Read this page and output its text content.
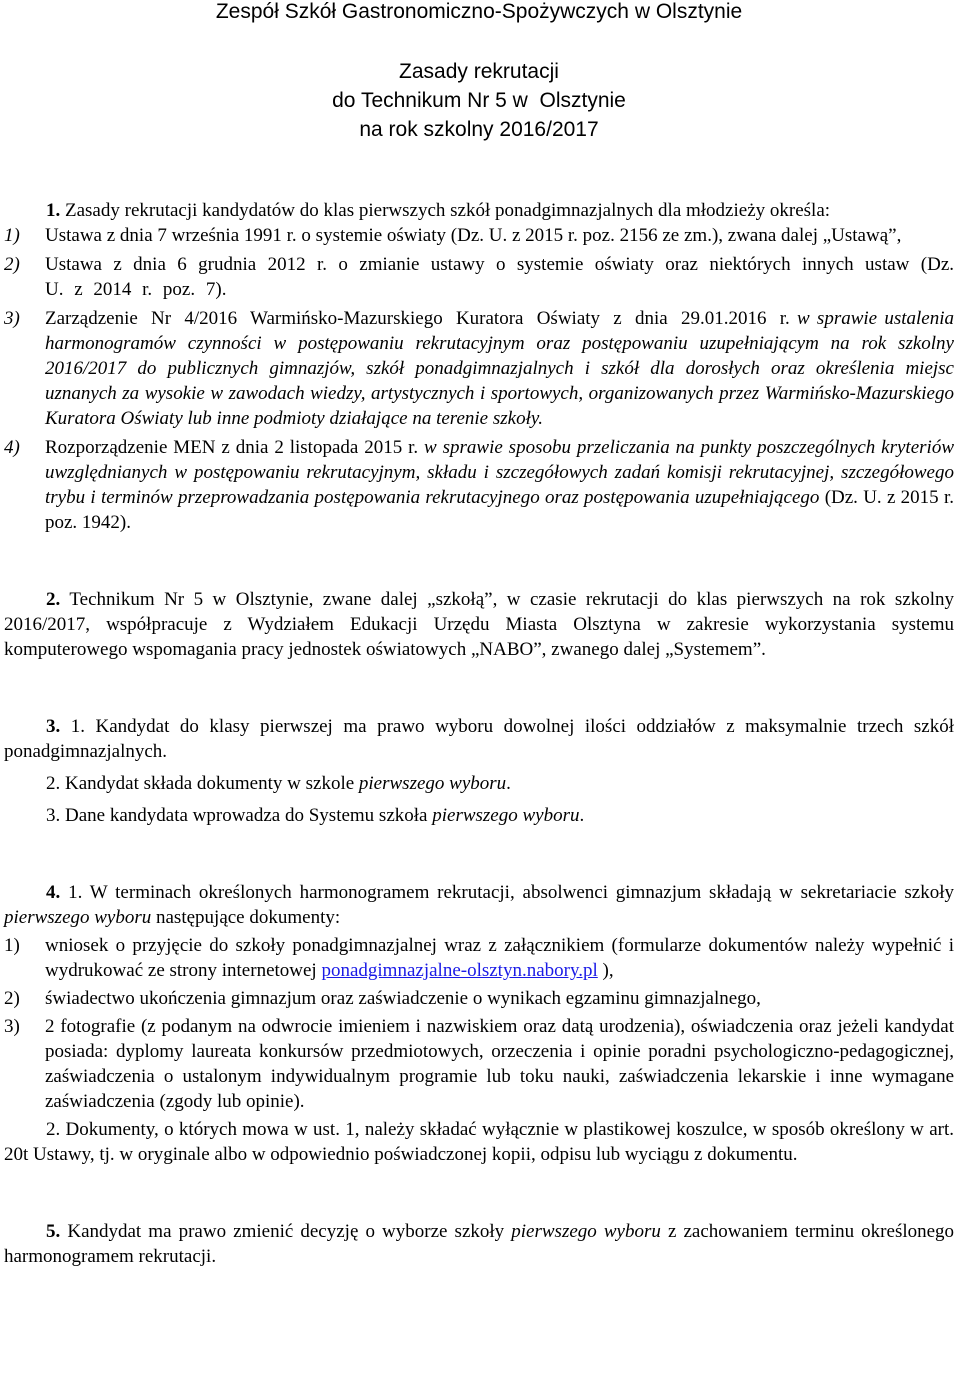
Zespół Szkół Gastronomiczno-Spożywczych w Olsztynie
Zasady rekrutacji
do Technikum Nr 5 w  Olsztynie
na rok szkolny 2016/2017

1. Zasady rekrutacji kandydatów do klas pierwszych szkół ponadgimnazjalnych dla młodzieży określa:

1) Ustawa z dnia 7 września 1991 r. o systemie oświaty (Dz. U. z 2015 r. poz. 2156 ze zm.), zwana dalej „Ustawą”,
2) Ustawa z dnia 6 grudnia 2012 r. o zmianie ustawy o systemie oświaty oraz niektórych innych ustaw (Dz. U. z 2014 r. poz. 7).
3) Zarządzenie Nr 4/2016 Warmińsko-Mazurskiego Kuratora Oświaty z dnia 29.01.2016 r. w sprawie ustalenia harmonogramów czynności w postępowaniu rekrutacyjnym oraz postępowaniu uzupełniającym na rok szkolny 2016/2017 do publicznych gimnazjów, szkół ponadgimnazjalnych i szkół dla dorosłych oraz określenia miejsc uznanych za wysokie w zawodach wiedzy, artystycznych i sportowych, organizowanych przez Warmińsko-Mazurskiego Kuratora Oświaty lub inne podmioty działające na terenie szkoły.
4) Rozporządzenie MEN z dnia 2 listopada 2015 r. w sprawie sposobu przeliczania na punkty poszczególnych kryteriów uwzględnianych w postępowaniu rekrutacyjnym, składu i szczegółowych zadań komisji rekrutacyjnej, szczegółowego trybu i terminów przeprowadzania postępowania rekrutacyjnego oraz postępowania uzupełniającego (Dz. U. z 2015 r. poz. 1942).

2. Technikum Nr 5 w Olsztynie, zwane dalej „szkołą”, w czasie rekrutacji do klas pierwszych na rok szkolny 2016/2017, współpracuje z Wydziałem Edukacji Urzędu Miasta Olsztyna w zakresie wykorzystania systemu komputerowego wspomagania pracy jednostek oświatowych „NABO”, zwanego dalej „Systemem”.

3. 1. Kandydat do klasy pierwszej ma prawo wyboru dowolnej ilości oddziałów z maksymalnie trzech szkół ponadgimnazjalnych.

2. Kandydat składa dokumenty w szkole pierwszego wyboru.

3. Dane kandydata wprowadza do Systemu szkoła pierwszego wyboru.

4. 1. W terminach określonych harmonogramem rekrutacji, absolwenci gimnazjum składają w sekretariacie szkoły pierwszego wyboru następujące dokumenty:

1) wniosek o przyjęcie do szkoły ponadgimnazjalnej wraz z załącznikiem (formularze dokumentów należy wypełnić i wydrukować ze strony internetowej ponadgimnazjalne-olsztyn.nabory.pl ),
2) świadectwo ukończenia gimnazjum oraz zaświadczenie o wynikach egzaminu gimnazjalnego,
3) 2 fotografie (z podanym na odwrocie imieniem i nazwiskiem oraz datą urodzenia), oświadczenia oraz jeżeli kandydat posiada: dyplomy laureata konkursów przedmiotowych, orzeczenia i opinie poradni psychologiczno-pedagogicznej, zaświadczenia o ustalonym indywidualnym programie lub toku nauki, zaświadczenia lekarskie i inne wymagane zaświadczenia (zgody lub opinie).

2. Dokumenty, o których mowa w ust. 1, należy składać wyłącznie w plastikowej koszulce, w sposób określony w art. 20t Ustawy, tj. w oryginale albo w odpowiednio poświadczonej kopii, odpisu lub wyciągu z dokumentu.

5. Kandydat ma prawo zmienić decyzję o wyborze szkoły pierwszego wyboru z zachowaniem terminu określonego harmonogramem rekrutacji.
